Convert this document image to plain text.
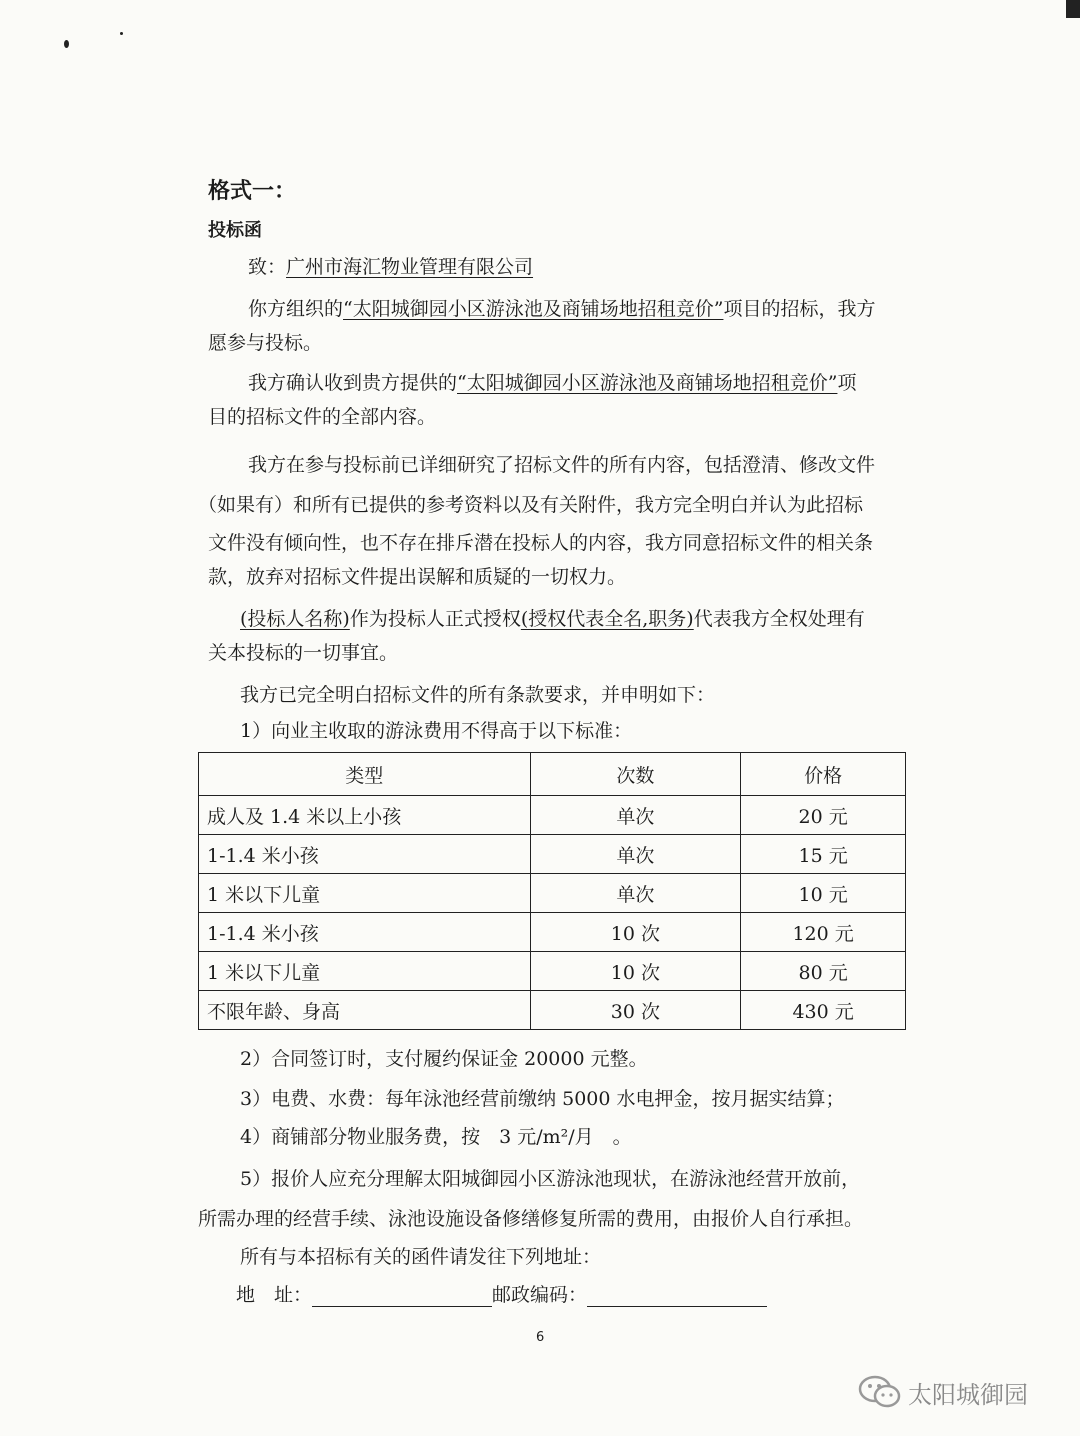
格式一：
投标函
致：广州市海汇物业管理有限公司
你方组织的“太阳城御园小区游泳池及商铺场地招租竞价”项目的招标，我方
愿参与投标。
我方确认收到贵方提供的“太阳城御园小区游泳池及商铺场地招租竞价”项
目的招标文件的全部内容。
我方在参与投标前已详细研究了招标文件的所有内容，包括澄清、修改文件
（如果有）和所有已提供的参考资料以及有关附件，我方完全明白并认为此招标
文件没有倾向性，也不存在排斥潜在投标人的内容，我方同意招标文件的相关条
款，放弃对招标文件提出误解和质疑的一切权力。
(投标人名称)作为投标人正式授权(授权代表全名,职务)代表我方全权处理有
关本投标的一切事宜。
我方已完全明白招标文件的所有条款要求，并申明如下：
1）向业主收取的游泳费用不得高于以下标准：
类型	次数	价格
成人及 1.4 米以上小孩	单次	20 元
1-1.4 米小孩	单次	15 元
1 米以下儿童	单次	10 元
1-1.4 米小孩	10 次	120 元
1 米以下儿童	10 次	80 元
不限年龄、身高	30 次	430 元
2）合同签订时，支付履约保证金 20000 元整。
3）电费、水费：每年泳池经营前缴纳 5000 水电押金，按月据实结算；
4）商铺部分物业服务费，按　3 元/m²/月　。
5）报价人应充分理解太阳城御园小区游泳池现状，在游泳池经营开放前，
所需办理的经营手续、泳池设施设备修缮修复所需的费用，由报价人自行承担。
所有与本招标有关的函件请发往下列地址：
地　址：	邮政编码：
6
太阳城御园
